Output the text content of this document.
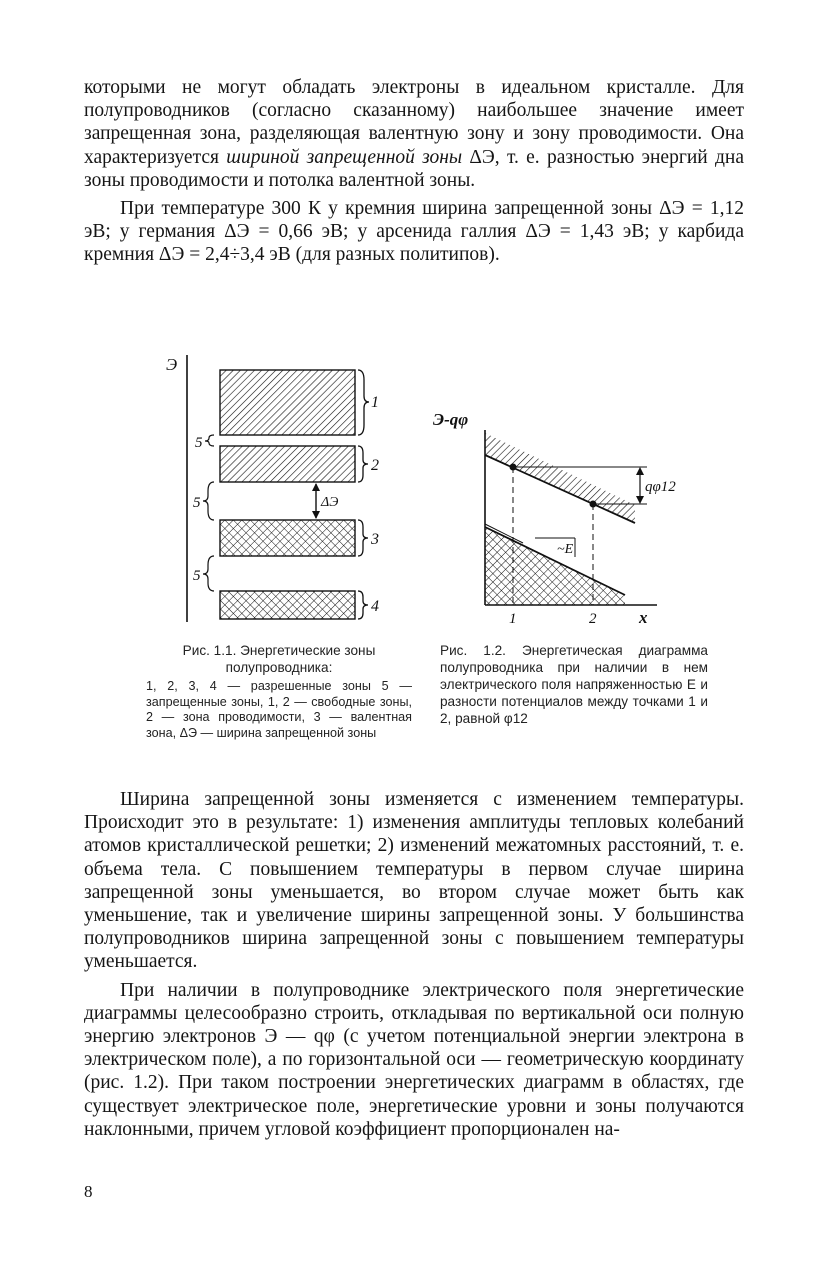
которыми не могут обладать электроны в идеальном кристалле. Для полупроводников (согласно сказанному) наибольшее значение имеет запрещенная зона, разделяющая валентную зону и зону проводимости. Она характеризуется шириной запрещенной зоны ΔЭ, т. е. разностью энергий дна зоны проводимости и потолка валентной зоны.

При температуре 300 К у кремния ширина запрещенной зоны ΔЭ = 1,12 эВ; у германия ΔЭ = 0,66 эВ; у арсенида галлия ΔЭ = 1,43 эВ; у карбида кремния ΔЭ = 2,4÷3,4 эВ (для разных политипов).

Э
1
2
3
4
5
5
5
ΔЭ
Э-qφ
qφ12
~E
1	2	x
Рис. 1.1. Энергетические зоны полупроводника:
1, 2, 3, 4 — разрешенные зоны 5 — запрещенные зоны, 1, 2 — свободные зоны, 2 — зона проводимости, 3 — валентная зона, ΔЭ — ширина запрещенной зоны
Рис. 1.2. Энергетическая диаграмма полупроводника при наличии в нем электрического поля напряженностью E и разности потенциалов между точками 1 и 2, равной φ12

Ширина запрещенной зоны изменяется с изменением температуры. Происходит это в результате: 1) изменения амплитуды тепловых колебаний атомов кристаллической решетки; 2) изменений межатомных расстояний, т. е. объема тела. С повышением температуры в первом случае ширина запрещенной зоны уменьшается, во втором случае может быть как уменьшение, так и увеличение ширины запрещенной зоны. У большинства полупроводников ширина запрещенной зоны с повышением температуры уменьшается.

При наличии в полупроводнике электрического поля энергетические диаграммы целесообразно строить, откладывая по вертикальной оси полную энергию электронов Э — qφ (с учетом потенциальной энергии электрона в электрическом поле), а по горизонтальной оси — геометрическую координату (рис. 1.2). При таком построении энергетических диаграмм в областях, где существует электрическое поле, энергетические уровни и зоны получаются наклонными, причем угловой коэффициент пропорционален на-

8
